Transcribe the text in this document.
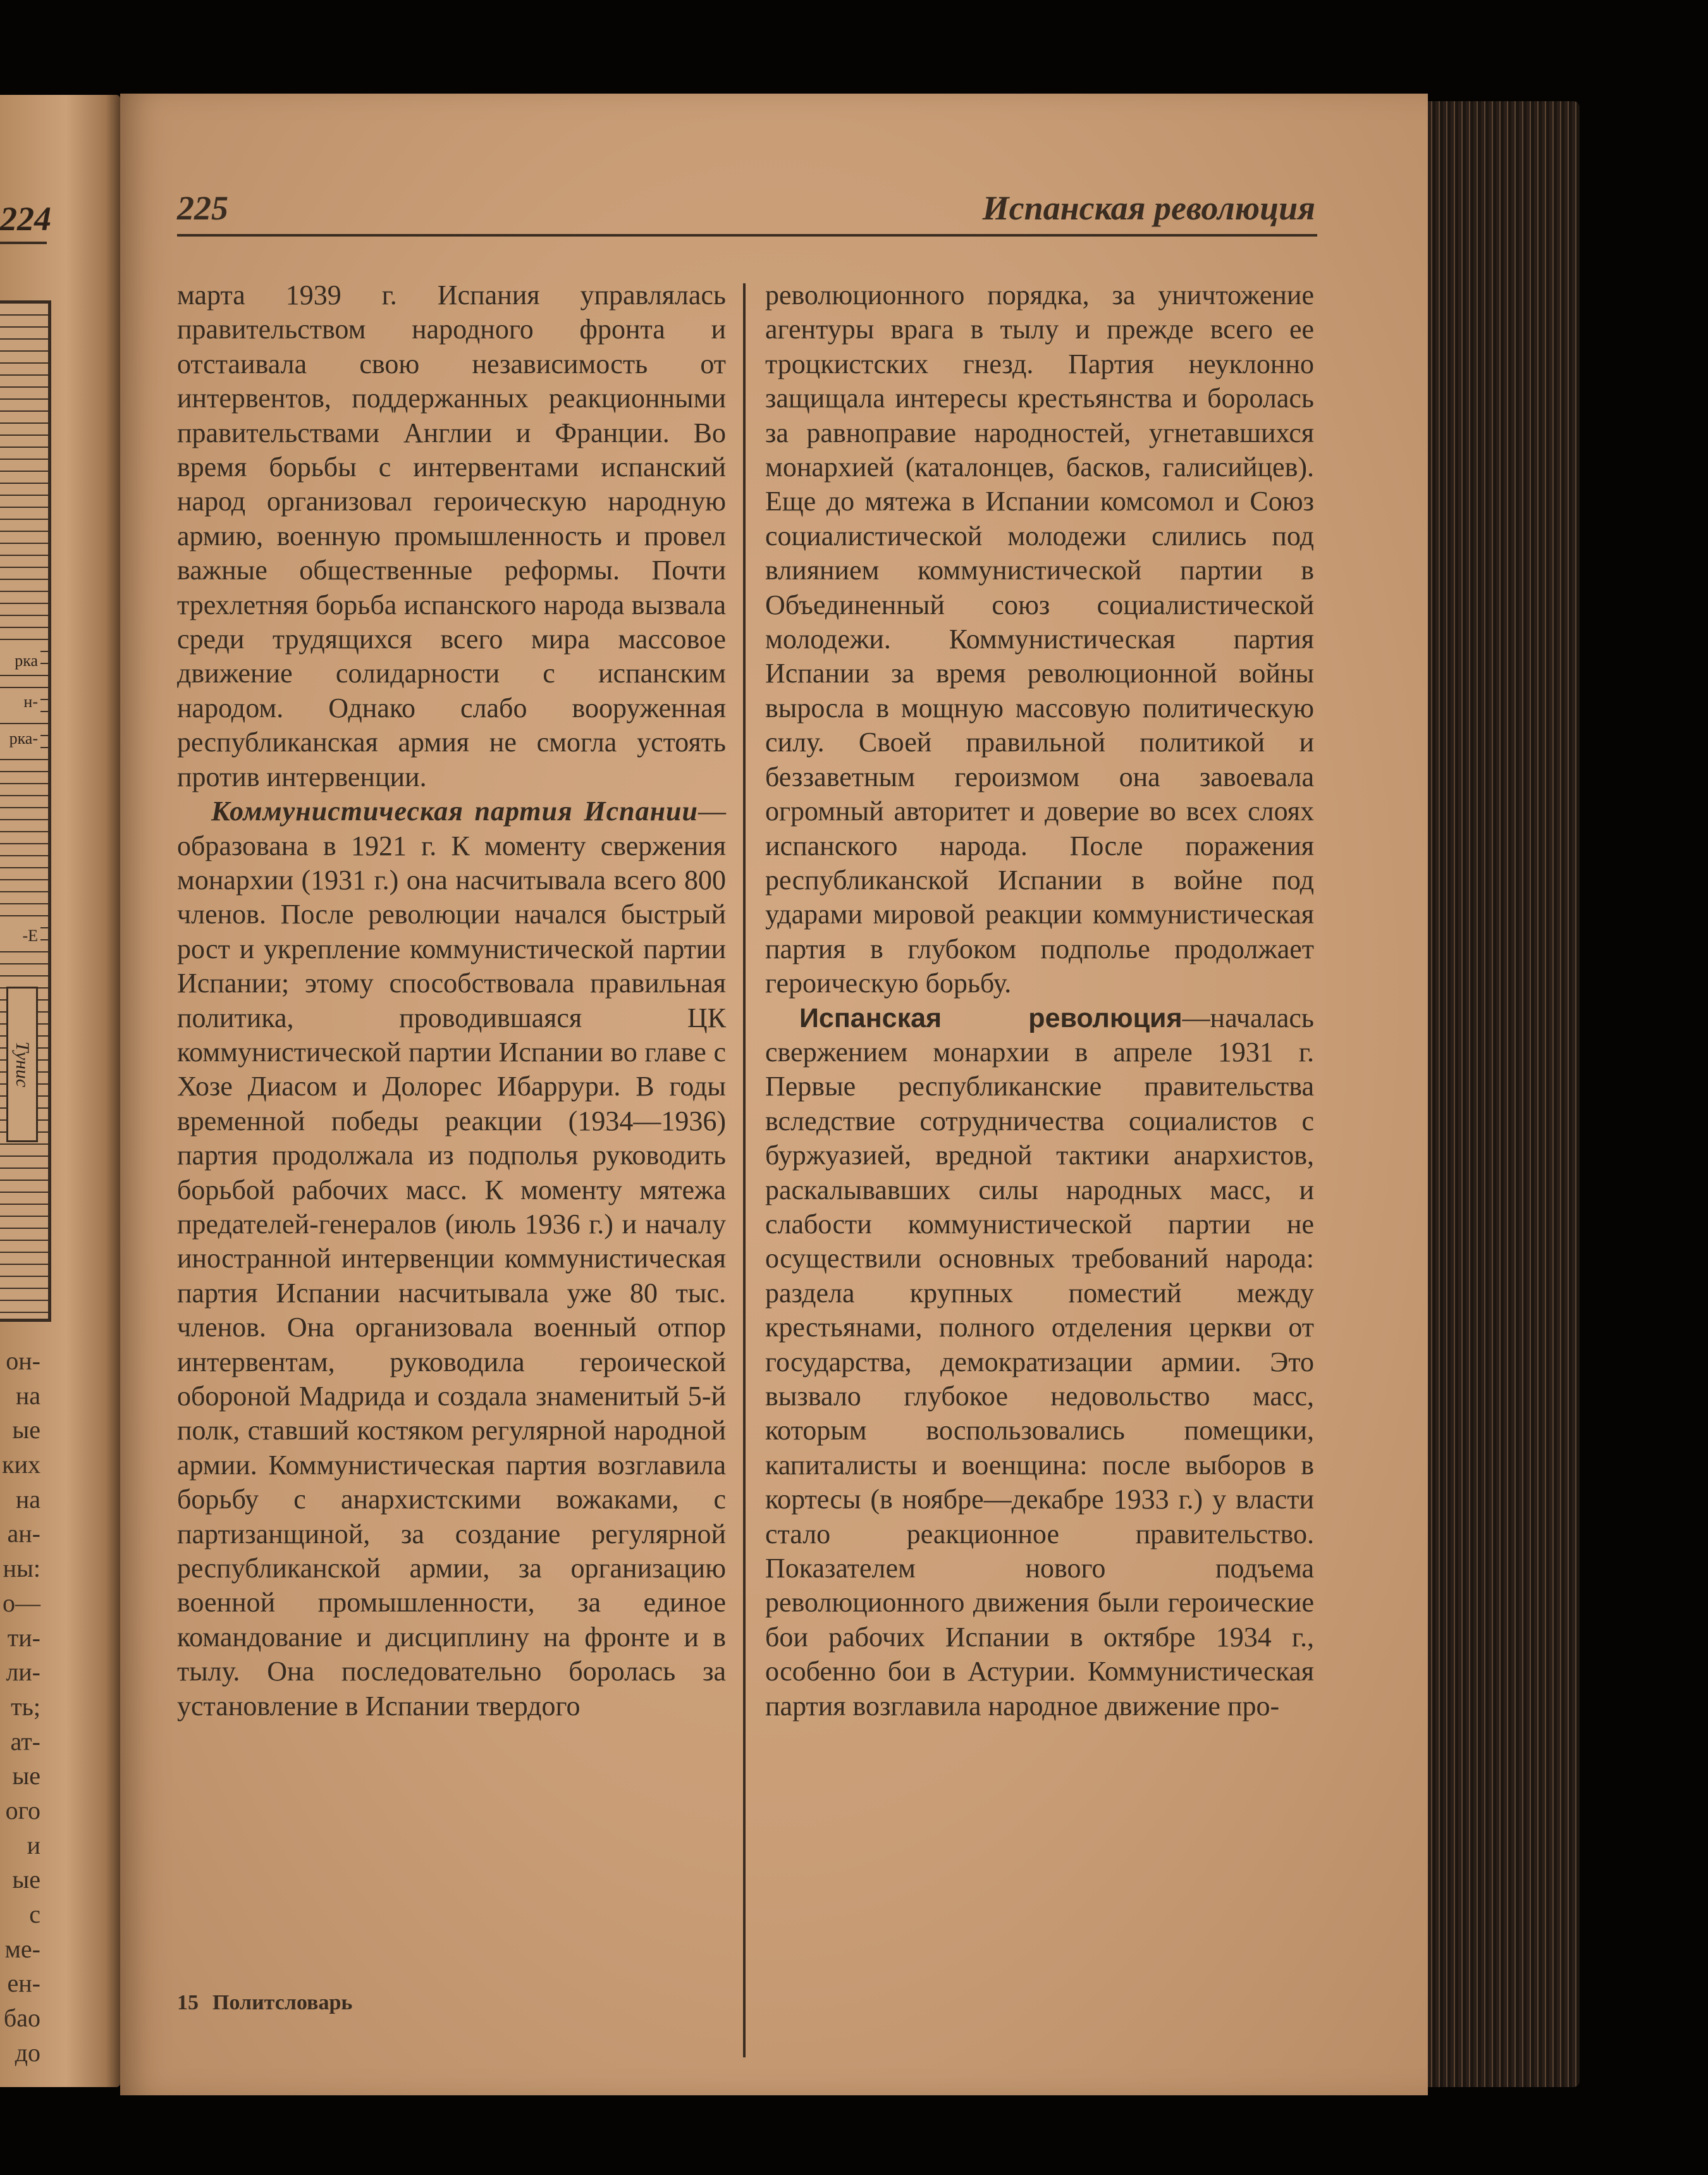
224
рка
н-
рка-
-Е
Тунис
он-
на
ые
ких
на
ан-
ны:
о—
ти-
ли-
ть;
ат-
ые
ого
и
ые
с
ме-
ен-
бао
до
225	Испанская революция

марта 1939 г. Испания управлялась правительством народного фронта и отстаивала свою независимость от интервентов, поддержанных реакционными правительствами Англии и Франции. Во время борьбы с интервентами испанский народ организовал героическую народную армию, военную промышленность и провел важные общественные реформы. Почти трехлетняя борьба испанского народа вызвала среди трудящихся всего мира массовое движение солидарности с испанским народом. Однако слабо вооруженная республиканская армия не смогла устоять против интервенции.

Коммунистическая партия Испании—образована в 1921 г. К моменту свержения монархии (1931 г.) она насчитывала всего 800 членов. После революции начался быстрый рост и укрепление коммунистической партии Испании; этому способствовала правильная политика, проводившаяся ЦК коммунистической партии Испании во главе с Хозе Диасом и Долорес Ибаррури. В годы временной победы реакции (1934—1936) партия продолжала из подполья руководить борьбой рабочих масс. К моменту мятежа предателей-генералов (июль 1936 г.) и началу иностранной интервенции коммунистическая партия Испании насчитывала уже 80 тыс. членов. Она организовала военный отпор интервентам, руководила героической обороной Мадрида и создала знаменитый 5-й полк, ставший костяком регулярной народной армии. Коммунистическая партия возглавила борьбу с анархистскими вожаками, с партизанщиной, за создание регулярной республиканской армии, за организацию военной промышленности, за единое командование и дисциплину на фронте и в тылу. Она последовательно боролась за установление в Испании твердого

революционного порядка, за уничтожение агентуры врага в тылу и прежде всего ее троцкистских гнезд. Партия неуклонно защищала интересы крестьянства и боролась за равноправие народностей, угнетавшихся монархией (каталонцев, басков, галисийцев). Еще до мятежа в Испании комсомол и Союз социалистической молодежи слились под влиянием коммунистической партии в Объединенный союз социалистической молодежи. Коммунистическая партия Испании за время революционной войны выросла в мощную массовую политическую силу. Своей правильной политикой и беззаветным героизмом она завоевала огромный авторитет и доверие во всех слоях испанского народа. После поражения республиканской Испании в войне под ударами мировой реакции коммунистическая партия в глубоком подполье продолжает героическую борьбу.

Испанская революция—началась свержением монархии в апреле 1931 г. Первые республиканские правительства вследствие сотрудничества социалистов с буржуазией, вредной тактики анархистов, раскалывавших силы народных масс, и слабости коммунистической партии не осуществили основных требований народа: раздела крупных поместий между крестьянами, полного отделения церкви от государства, демократизации армии. Это вызвало глубокое недовольство масс, которым воспользовались помещики, капиталисты и военщина: после выборов в кортесы (в ноябре—декабре 1933 г.) у власти стало реакционное правительство. Показателем нового подъема революционного движения были героические бои рабочих Испании в октябре 1934 г., особенно бои в Астурии. Коммунистическая партия возглавила народное движение про-

15 Политсловарь
